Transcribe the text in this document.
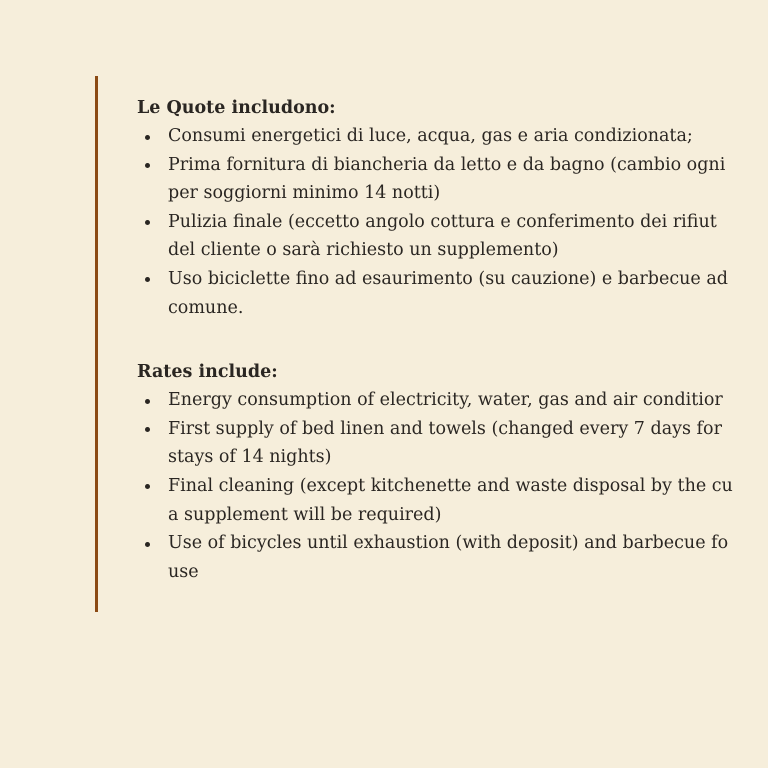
Le Quote includono:
Consumi energetici di luce, acqua, gas e aria condizionata;
Prima fornitura di biancheria da letto e da bagno (cambio ogni
per soggiorni minimo 14 notti)
Pulizia finale (eccetto angolo cottura e conferimento dei rifiut
del cliente o sarà richiesto un supplemento)
Uso biciclette fino ad esaurimento (su cauzione) e barbecue ad
comune.
Rates include:
Energy consumption of electricity, water, gas and air conditior
First supply of bed linen and towels (changed every 7 days for
stays of 14 nights)
Final cleaning (except kitchenette and waste disposal by the cu
a supplement will be required)
Use of bicycles until exhaustion (with deposit) and barbecue fo
use
